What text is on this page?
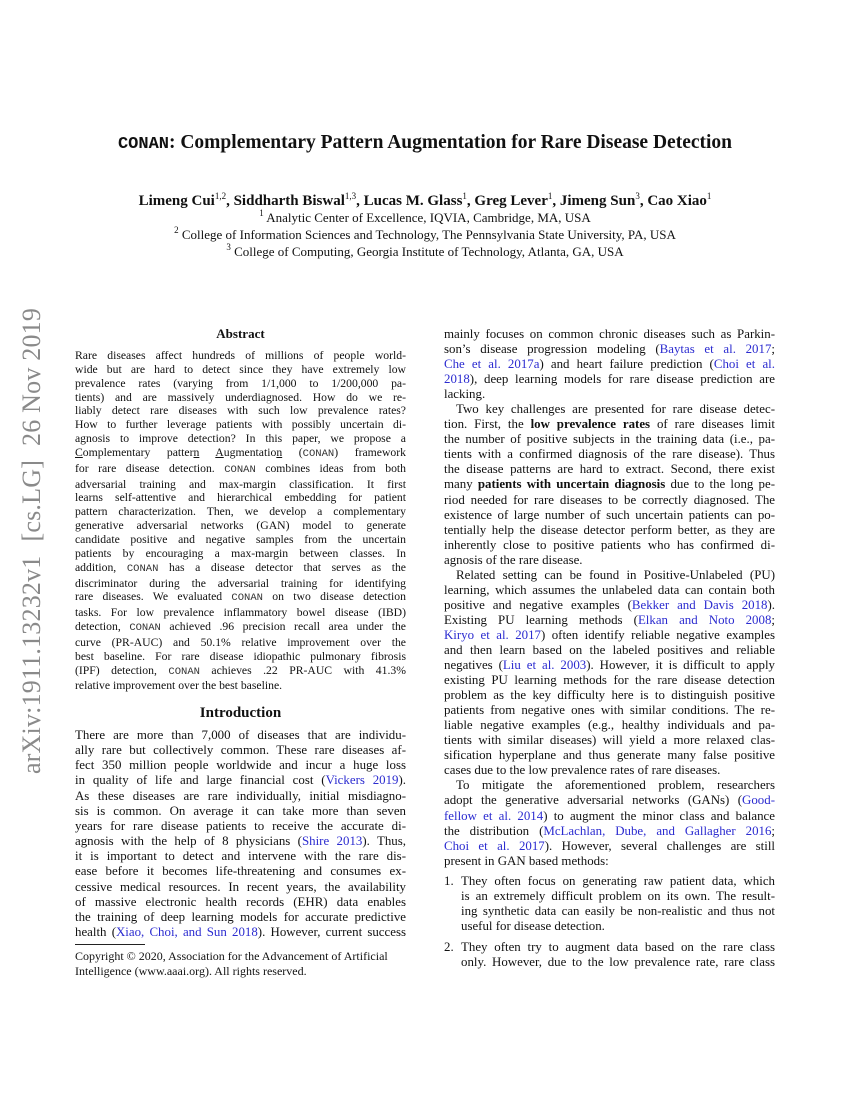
arXiv:1911.13232v1[cs.LG]26 Nov 2019
CONAN: Complementary Pattern Augmentation for Rare Disease Detection
Limeng Cui$^{1,2}$, Siddharth Biswal$^{1,3}$, Lucas M. Glass$^1$, Greg Lever$^1$, Jimeng Sun$^3$, Cao Xiao$^1$
$^1$ Analytic Center of Excellence, IQVIA, Cambridge, MA, USA
$^2$ College of Information Sciences and Technology, The Pennsylvania State University, PA, USA
$^3$ College of Computing, Georgia Institute of Technology, Atlanta, GA, USA
Abstract
Rare diseases affect hundreds of millions of people world-
wide but are hard to detect since they have extremely low
prevalence rates (varying from 1/1,000 to 1/200,000 pa-
tients) and are massively underdiagnosed. How do we re-
liably detect rare diseases with such low prevalence rates?
How to further leverage patients with possibly uncertain di-
agnosis to improve detection? In this paper, we propose a
Complementary pattern Augmentation (CONAN) framework
for rare disease detection. CONAN combines ideas from both
adversarial training and max-margin classification. It first
learns self-attentive and hierarchical embedding for patient
pattern characterization. Then, we develop a complementary
generative adversarial networks (GAN) model to generate
candidate positive and negative samples from the uncertain
patients by encouraging a max-margin between classes. In
addition, CONAN has a disease detector that serves as the
discriminator during the adversarial training for identifying
rare diseases. We evaluated CONAN on two disease detection
tasks. For low prevalence inflammatory bowel disease (IBD)
detection, CONAN achieved .96 precision recall area under the
curve (PR-AUC) and 50.1% relative improvement over the
best baseline. For rare disease idiopathic pulmonary fibrosis
(IPF) detection, CONAN achieves .22 PR-AUC with 41.3%
relative improvement over the best baseline.
Introduction
There are more than 7,000 of diseases that are individu-
ally rare but collectively common. These rare diseases af-
fect 350 million people worldwide and incur a huge loss
in quality of life and large financial cost (Vickers 2019).
As these diseases are rare individually, initial misdiagno-
sis is common. On average it can take more than seven
years for rare disease patients to receive the accurate di-
agnosis with the help of 8 physicians (Shire 2013). Thus,
it is important to detect and intervene with the rare dis-
ease before it becomes life-threatening and consumes ex-
cessive medical resources. In recent years, the availability
of massive electronic health records (EHR) data enables
the training of deep learning models for accurate predictive
health (Xiao, Choi, and Sun 2018). However, current success
Copyright © 2020, Association for the Advancement of Artificial
Intelligence (www.aaai.org). All rights reserved.
mainly focuses on common chronic diseases such as Parkin-
son’s disease progression modeling (Baytas et al. 2017;
Che et al. 2017a) and heart failure prediction (Choi et al.
2018), deep learning models for rare disease prediction are
lacking.
Two key challenges are presented for rare disease detec-
tion. First, the low prevalence rates of rare diseases limit
the number of positive subjects in the training data (i.e., pa-
tients with a confirmed diagnosis of the rare disease). Thus
the disease patterns are hard to extract. Second, there exist
many patients with uncertain diagnosis due to the long pe-
riod needed for rare diseases to be correctly diagnosed. The
existence of large number of such uncertain patients can po-
tentially help the disease detector perform better, as they are
inherently close to positive patients who has confirmed di-
agnosis of the rare disease.
Related setting can be found in Positive-Unlabeled (PU)
learning, which assumes the unlabeled data can contain both
positive and negative examples (Bekker and Davis 2018).
Existing PU learning methods (Elkan and Noto 2008;
Kiryo et al. 2017) often identify reliable negative examples
and then learn based on the labeled positives and reliable
negatives (Liu et al. 2003). However, it is difficult to apply
existing PU learning methods for the rare disease detection
problem as the key difficulty here is to distinguish positive
patients from negative ones with similar conditions. The re-
liable negative examples (e.g., healthy individuals and pa-
tients with similar diseases) will yield a more relaxed clas-
sification hyperplane and thus generate many false positive
cases due to the low prevalence rates of rare diseases.
To mitigate the aforementioned problem, researchers
adopt the generative adversarial networks (GANs) (Good-
fellow et al. 2014) to augment the minor class and balance
the distribution (McLachlan, Dube, and Gallagher 2016;
Choi et al. 2017). However, several challenges are still
present in GAN based methods:
1. They often focus on generating raw patient data, which
is an extremely difficult problem on its own. The result-
ing synthetic data can easily be non-realistic and thus not
useful for disease detection.
2. They often try to augment data based on the rare class
only. However, due to the low prevalence rate, rare class
